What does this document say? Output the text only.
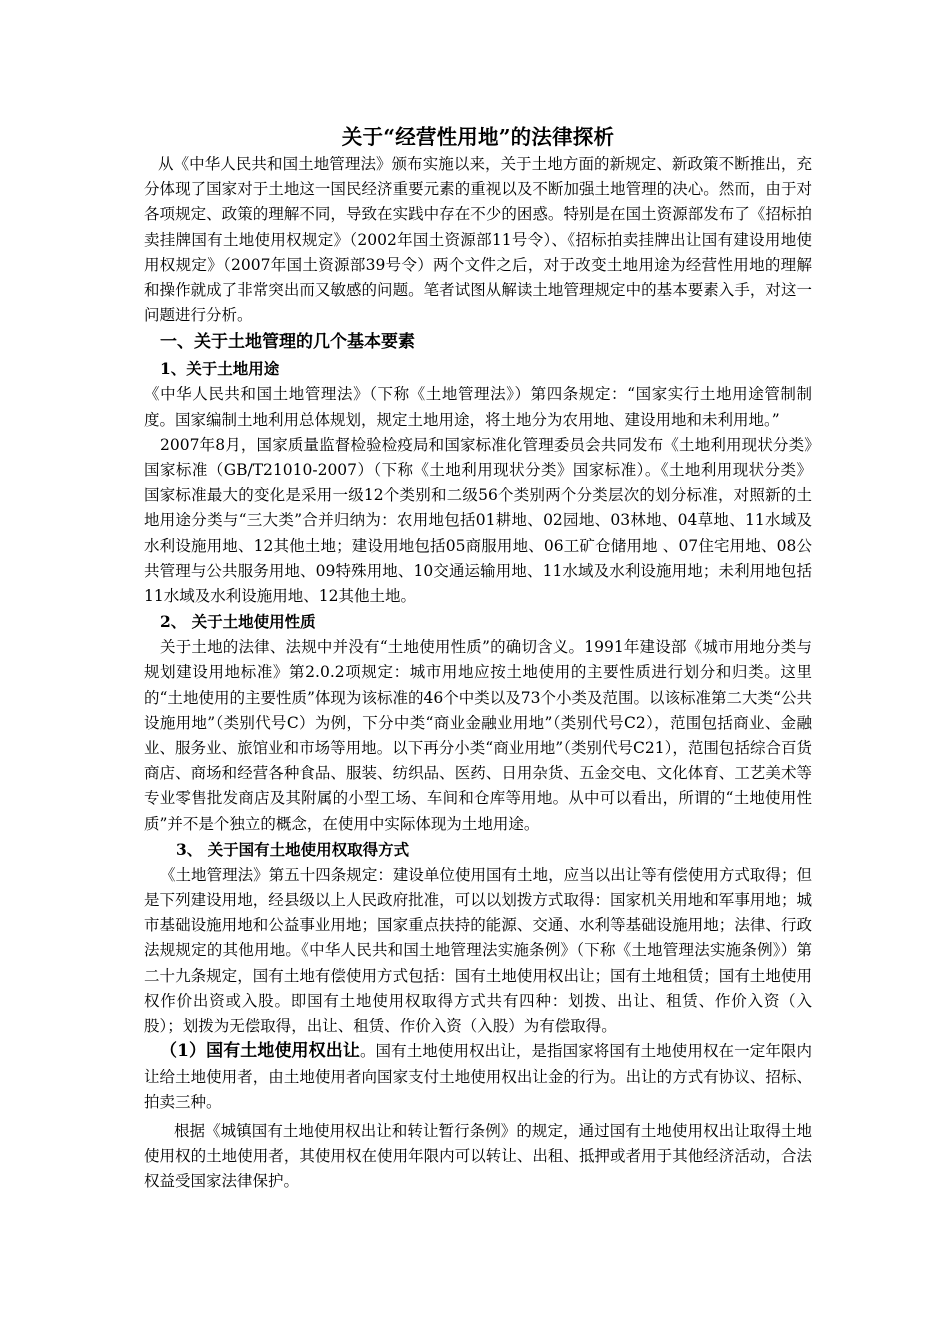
关于“经营性用地”的法律探析

从《中华人民共和国土地管理法》颁布实施以来，关于土地方面的新规定、新政策不断推出，充分体现了国家对于土地这一国民经济重要元素的重视以及不断加强土地管理的决心。然而，由于对各项规定、政策的理解不同，导致在实践中存在不少的困惑。特别是在国土资源部发布了《招标拍卖挂牌国有土地使用权规定》（2002年国土资源部11号令）、《招标拍卖挂牌出让国有建设用地使用权规定》（2007年国土资源部39号令）两个文件之后，对于改变土地用途为经营性用地的理解和操作就成了非常突出而又敏感的问题。笔者试图从解读土地管理规定中的基本要素入手，对这一问题进行分析。

一、关于土地管理的几个基本要素
1、关于土地用途

《中华人民共和国土地管理法》（下称《土地管理法》）第四条规定：“国家实行土地用途管制制度。国家编制土地利用总体规划，规定土地用途，将土地分为农用地、建设用地和未利用地。”

2007年8月，国家质量监督检验检疫局和国家标准化管理委员会共同发布《土地利用现状分类》国家标准（GB/T21010-2007）（下称《土地利用现状分类》国家标准）。《土地利用现状分类》国家标准最大的变化是采用一级12个类别和二级56个类别两个分类层次的划分标准，对照新的土地用途分类与“三大类”合并归纳为：农用地包括01耕地、02园地、03林地、04草地、11水域及水利设施用地、12其他土地；建设用地包括05商服用地、06工矿仓储用地 、07住宅用地、08公共管理与公共服务用地、09特殊用地、10交通运输用地、11水域及水利设施用地；未利用地包括11水域及水利设施用地、12其他土地。

2、 关于土地使用性质

关于土地的法律、法规中并没有“土地使用性质”的确切含义。1991年建设部《城市用地分类与规划建设用地标准》第2.0.2项规定：城市用地应按土地使用的主要性质进行划分和归类。这里的“土地使用的主要性质”体现为该标准的46个中类以及73个小类及范围。以该标准第二大类“公共设施用地”（类别代号C）为例，下分中类“商业金融业用地”（类别代号C2），范围包括商业、金融业、服务业、旅馆业和市场等用地。以下再分小类“商业用地”（类别代号C21），范围包括综合百货商店、商场和经营各种食品、服装、纺织品、医药、日用杂货、五金交电、文化体育、工艺美术等专业零售批发商店及其附属的小型工场、车间和仓库等用地。从中可以看出，所谓的“土地使用性质”并不是个独立的概念，在使用中实际体现为土地用途。

3、 关于国有土地使用权取得方式

《土地管理法》第五十四条规定：建设单位使用国有土地，应当以出让等有偿使用方式取得；但是下列建设用地，经县级以上人民政府批准，可以以划拨方式取得：国家机关用地和军事用地；城市基础设施用地和公益事业用地；国家重点扶持的能源、交通、水利等基础设施用地；法律、行政法规规定的其他用地。《中华人民共和国土地管理法实施条例》（下称《土地管理法实施条例》）第二十九条规定，国有土地有偿使用方式包括：国有土地使用权出让；国有土地租赁；国有土地使用权作价出资或入股。即国有土地使用权取得方式共有四种：划拨、出让、租赁、作价入资（入股）；划拨为无偿取得，出让、租赁、作价入资（入股）为有偿取得。

（1）国有土地使用权出让。国有土地使用权出让，是指国家将国有土地使用权在一定年限内让给土地使用者，由土地使用者向国家支付土地使用权出让金的行为。出让的方式有协议、招标、拍卖三种。

根据《城镇国有土地使用权出让和转让暂行条例》的规定，通过国有土地使用权出让取得土地使用权的土地使用者，其使用权在使用年限内可以转让、出租、抵押或者用于其他经济活动，合法权益受国家法律保护。
